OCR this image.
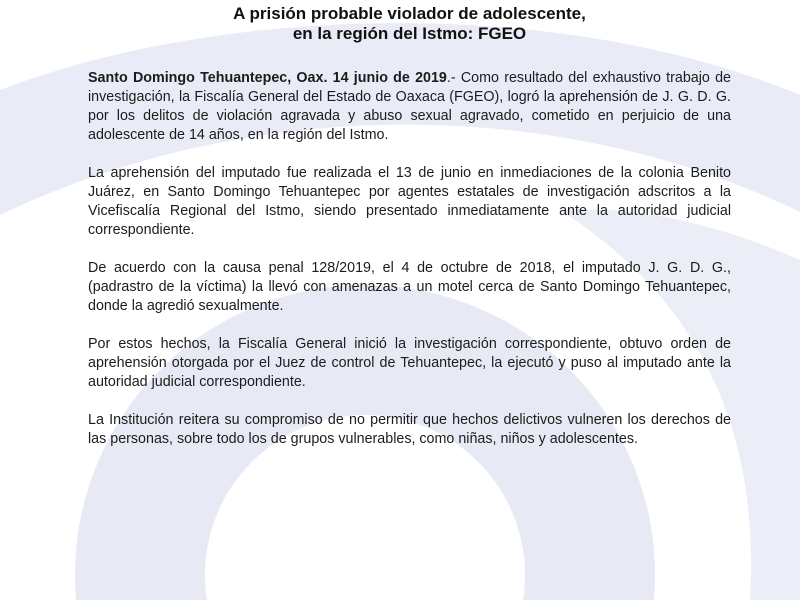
A prisión probable violador de adolescente,
en la región del Istmo: FGEO

Santo Domingo Tehuantepec, Oax. 14 junio de 2019.- Como resultado del exhaustivo trabajo de investigación, la Fiscalía General del Estado de Oaxaca (FGEO), logró la aprehensión de J. G. D. G. por los delitos de violación agravada y abuso sexual agravado, cometido en perjuicio de una adolescente de 14 años, en la región del Istmo.

La aprehensión del imputado fue realizada el 13 de junio en inmediaciones de la colonia Benito Juárez, en Santo Domingo Tehuantepec por agentes estatales de investigación adscritos a la Vicefiscalía Regional del Istmo, siendo presentado inmediatamente ante la autoridad judicial correspondiente.

De acuerdo con la causa penal 128/2019, el 4 de octubre de 2018, el imputado J. G. D. G., (padrastro de la víctima) la llevó con amenazas a un motel cerca de Santo Domingo Tehuantepec, donde la agredió sexualmente.

Por estos hechos, la Fiscalía General inició la investigación correspondiente, obtuvo orden de aprehensión otorgada por el Juez de control de Tehuantepec, la ejecutó y puso al imputado ante la autoridad judicial correspondiente.

La Institución reitera su compromiso de no permitir que hechos delictivos vulneren los derechos de las personas, sobre todo los de grupos vulnerables, como niñas, niños y adolescentes.
